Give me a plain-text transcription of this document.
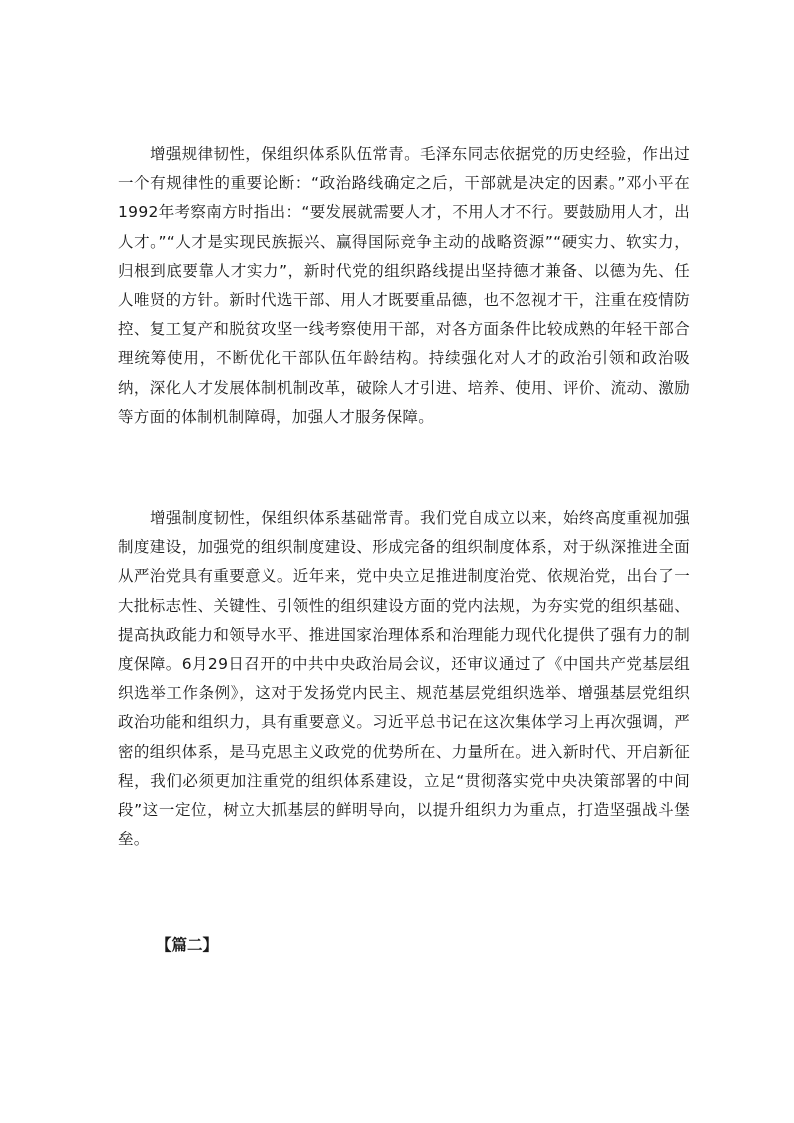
增强规律韧性，保组织体系队伍常青。毛泽东同志依据党的历史经验，作出过一个有规律性的重要论断：“政治路线确定之后，干部就是决定的因素。”邓小平在1992年考察南方时指出：“要发展就需要人才，不用人才不行。要鼓励用人才，出人才。”“人才是实现民族振兴、赢得国际竞争主动的战略资源”“硬实力、软实力，归根到底要靠人才实力”，新时代党的组织路线提出坚持德才兼备、以德为先、任人唯贤的方针。新时代选干部、用人才既要重品德，也不忽视才干，注重在疫情防控、复工复产和脱贫攻坚一线考察使用干部，对各方面条件比较成熟的年轻干部合理统筹使用，不断优化干部队伍年龄结构。持续强化对人才的政治引领和政治吸纳，深化人才发展体制机制改革，破除人才引进、培养、使用、评价、流动、激励等方面的体制机制障碍，加强人才服务保障。

增强制度韧性，保组织体系基础常青。我们党自成立以来，始终高度重视加强制度建设，加强党的组织制度建设、形成完备的组织制度体系，对于纵深推进全面从严治党具有重要意义。近年来，党中央立足推进制度治党、依规治党，出台了一大批标志性、关键性、引领性的组织建设方面的党内法规，为夯实党的组织基础、提高执政能力和领导水平、推进国家治理体系和治理能力现代化提供了强有力的制度保障。6月29日召开的中共中央政治局会议，还审议通过了《中国共产党基层组织选举工作条例》，这对于发扬党内民主、规范基层党组织选举、增强基层党组织政治功能和组织力，具有重要意义。习近平总书记在这次集体学习上再次强调，严密的组织体系，是马克思主义政党的优势所在、力量所在。进入新时代、开启新征程，我们必须更加注重党的组织体系建设，立足“贯彻落实党中央决策部署的中间段”这一定位，树立大抓基层的鲜明导向，以提升组织力为重点，打造坚强战斗堡垒。

【篇二】
